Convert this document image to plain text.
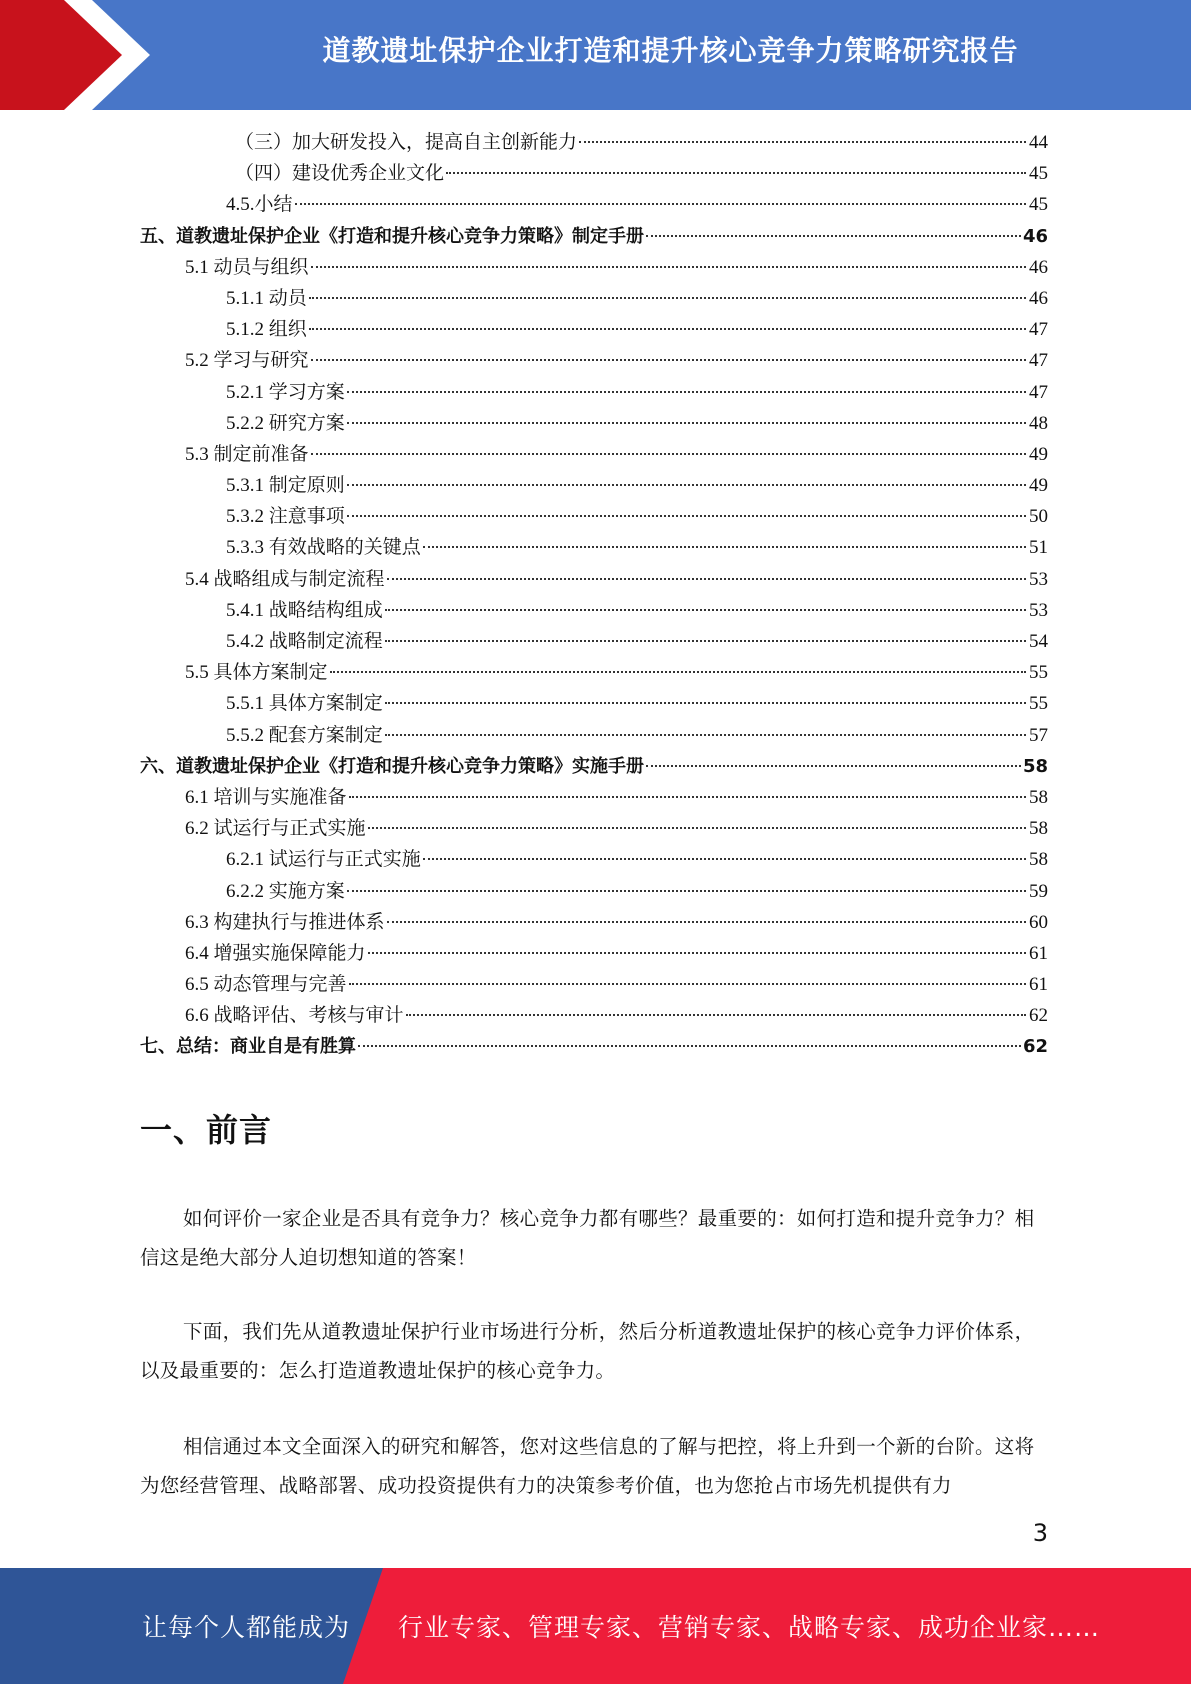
道教遗址保护企业打造和提升核心竞争力策略研究报告
（三）加大研发投入，提高自主创新能力	44
（四）建设优秀企业文化	45
4.5.小结	45
五、道教遗址保护企业《打造和提升核心竞争力策略》制定手册	46
5.1 动员与组织	46
5.1.1 动员	46
5.1.2 组织	47
5.2 学习与研究	47
5.2.1 学习方案	47
5.2.2 研究方案	48
5.3 制定前准备	49
5.3.1 制定原则	49
5.3.2 注意事项	50
5.3.3 有效战略的关键点	51
5.4 战略组成与制定流程	53
5.4.1 战略结构组成	53
5.4.2 战略制定流程	54
5.5 具体方案制定	55
5.5.1 具体方案制定	55
5.5.2 配套方案制定	57
六、道教遗址保护企业《打造和提升核心竞争力策略》实施手册	58
6.1 培训与实施准备	58
6.2 试运行与正式实施	58
6.2.1 试运行与正式实施	58
6.2.2 实施方案	59
6.3 构建执行与推进体系	60
6.4 增强实施保障能力	61
6.5 动态管理与完善	61
6.6 战略评估、考核与审计	62
七、总结：商业自是有胜算	62
一、前言
如何评价一家企业是否具有竞争力？核心竞争力都有哪些？最重要的：如何打造和提升竞争力？相信这是绝大部分人迫切想知道的答案！
下面，我们先从道教遗址保护行业市场进行分析，然后分析道教遗址保护的核心竞争力评价体系，以及最重要的：怎么打造道教遗址保护的核心竞争力。
相信通过本文全面深入的研究和解答，您对这些信息的了解与把控，将上升到一个新的台阶。这将为您经营管理、战略部署、成功投资提供有力的决策参考价值，也为您抢占市场先机提供有力
3
让每个人都能成为 行业专家、管理专家、营销专家、战略专家、成功企业家……
